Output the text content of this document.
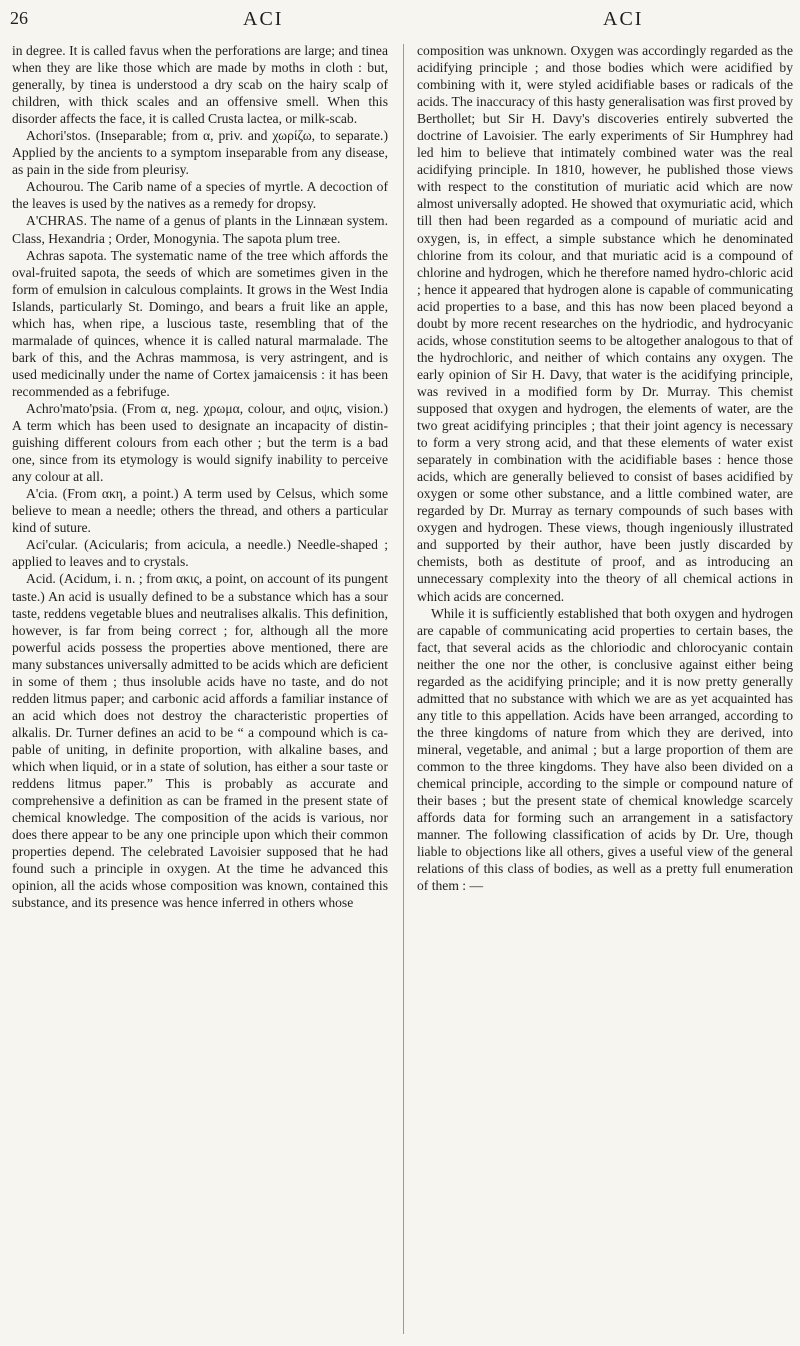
26	ACI	ACI

in degree. It is called favus when the perforations are large; and tinea when they are like those which are made by moths in cloth : but, generally, by tinea is understood a dry scab on the hairy scalp of children, with thick scales and an offensive smell. When this disorder affects the face, it is called Crusta lactea, or milk-scab.

Achori'stos. (Inseparable; from α, priv. and χωρίζω, to separate.) Applied by the ancients to a symptom inseparable from any disease, as pain in the side from pleurisy.

Achourou. The Carib name of a species of myrtle. A decoction of the leaves is used by the natives as a remedy for dropsy.

A'CHRAS. The name of a genus of plants in the Linnæan system. Class, Hexandria ; Order, Monogynia. The sapota plum tree.

Achras sapota. The systematic name of the tree which affords the oval-fruited sapota, the seeds of which are sometimes given in the form of emulsion in calculous complaints. It grows in the West India Islands, particularly St. Domingo, and bears a fruit like an apple, which has, when ripe, a luscious taste, resembling that of the marmalade of quinces, whence it is called natural marmalade. The bark of this, and the Achras mammosa, is very astringent, and is used medicinally under the name of Cortex jamaicensis : it has been recommended as a febrifuge.

Achro'mato'psia. (From α, neg. χρωμα, colour, and οψις, vision.) A term which has been used to designate an incapacity of distinguishing different colours from each other ; but the term is a bad one, since from its etymology is would signify inability to perceive any colour at all.

A'cia. (From ακη, a point.) A term used by Celsus, which some believe to mean a needle; others the thread, and others a particular kind of suture.

Aci'cular. (Acicularis; from acicula, a needle.) Needle-shaped ; applied to leaves and to crystals.

Acid. (Acidum, i. n. ; from ακις, a point, on account of its pungent taste.) An acid is usually defined to be a substance which has a sour taste, reddens vegetable blues and neutralises alkalis. This definition, however, is far from being correct ; for, although all the more powerful acids possess the properties above mentioned, there are many substances universally admitted to be acids which are deficient in some of them ; thus insoluble acids have no taste, and do not redden litmus paper; and carbonic acid affords a familiar instance of an acid which does not destroy the characteristic properties of alkalis. Dr. Turner defines an acid to be “ a compound which is capable of uniting, in definite proportion, with alkaline bases, and which when liquid, or in a state of solution, has either a sour taste or reddens litmus paper.” This is probably as accurate and comprehensive a definition as can be framed in the present state of chemical knowledge. The composition of the acids is various, nor does there appear to be any one principle upon which their common properties depend. The celebrated Lavoisier supposed that he had found such a principle in oxygen. At the time he advanced this opinion, all the acids whose composition was known, contained this substance, and its presence was hence inferred in others whose

composition was unknown. Oxygen was accordingly regarded as the acidifying principle ; and those bodies which were acidified by combining with it, were styled acidifiable bases or radicals of the acids. The inaccuracy of this hasty generalisation was first proved by Berthollet; but Sir H. Davy's discoveries entirely subverted the doctrine of Lavoisier. The early experiments of Sir Humphrey had led him to believe that intimately combined water was the real acidifying principle. In 1810, however, he published those views with respect to the constitution of muriatic acid which are now almost universally adopted. He showed that oxymuriatic acid, which till then had been regarded as a compound of muriatic acid and oxygen, is, in effect, a simple substance which he denominated chlorine from its colour, and that muriatic acid is a compound of chlorine and hydrogen, which he therefore named hydro-chloric acid ; hence it appeared that hydrogen alone is capable of communicating acid properties to a base, and this has now been placed beyond a doubt by more recent researches on the hydriodic, and hydrocyanic acids, whose constitution seems to be altogether analogous to that of the hydrochloric, and neither of which contains any oxygen. The early opinion of Sir H. Davy, that water is the acidifying principle, was revived in a modified form by Dr. Murray. This chemist supposed that oxygen and hydrogen, the elements of water, are the two great acidifying principles ; that their joint agency is necessary to form a very strong acid, and that these elements of water exist separately in combination with the acidifiable bases : hence those acids, which are generally believed to consist of bases acidified by oxygen or some other substance, and a little combined water, are regarded by Dr. Murray as ternary compounds of such bases with oxygen and hydrogen. These views, though ingeniously illustrated and supported by their author, have been justly discarded by chemists, both as destitute of proof, and as introducing an unnecessary complexity into the theory of all chemical actions in which acids are concerned.

While it is sufficiently established that both oxygen and hydrogen are capable of communicating acid properties to certain bases, the fact, that several acids as the chloriodic and chlorocyanic contain neither the one nor the other, is conclusive against either being regarded as the acidifying principle; and it is now pretty generally admitted that no substance with which we are as yet acquainted has any title to this appellation. Acids have been arranged, according to the three kingdoms of nature from which they are derived, into mineral, vegetable, and animal ; but a large proportion of them are common to the three kingdoms. They have also been divided on a chemical principle, according to the simple or compound nature of their bases ; but the present state of chemical knowledge scarcely affords data for forming such an arrangement in a satisfactory manner. The following classification of acids by Dr. Ure, though liable to objections like all others, gives a useful view of the general relations of this class of bodies, as well as a pretty full enumeration of them : —
